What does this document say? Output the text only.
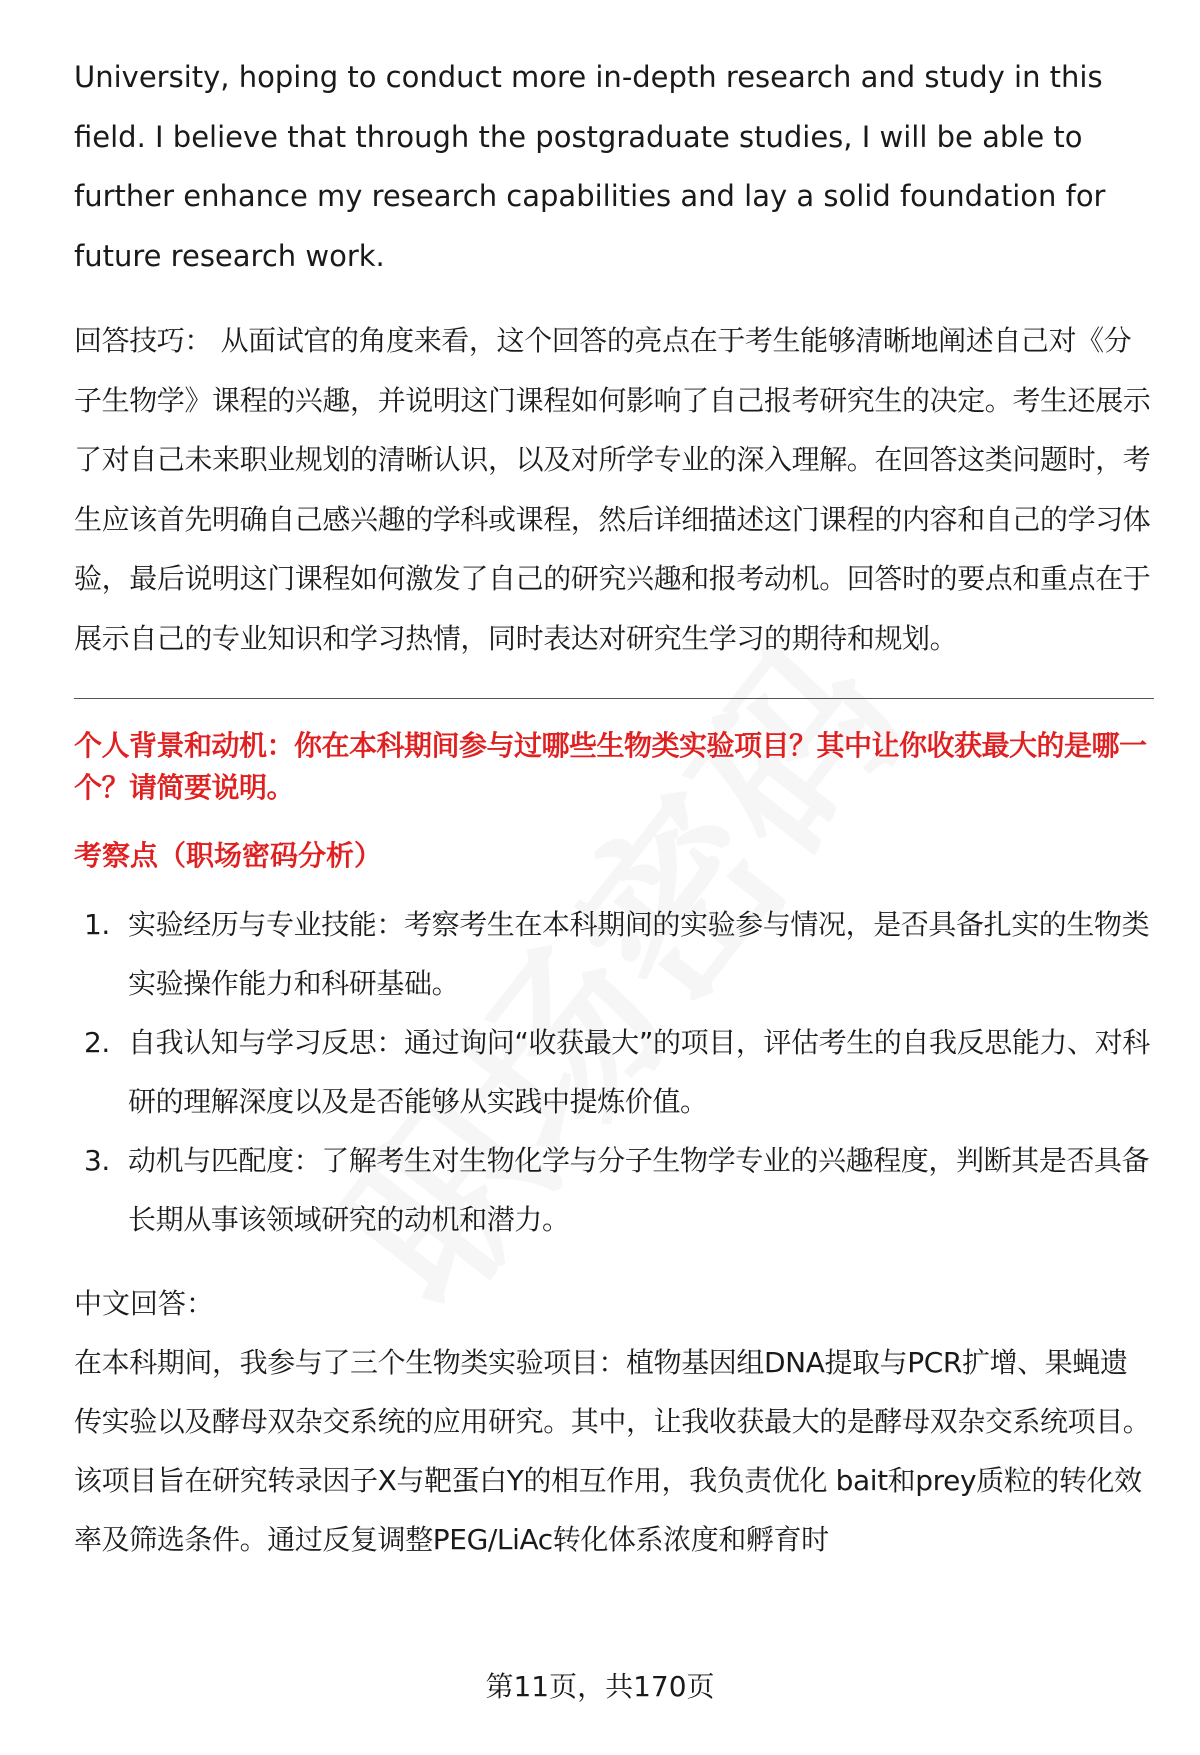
University, hoping to conduct more in-depth research and study in this field. I believe that through the postgraduate studies, I will be able to further enhance my research capabilities and lay a solid foundation for future research work.

回答技巧： 从面试官的角度来看，这个回答的亮点在于考生能够清晰地阐述自己对《分子生物学》课程的兴趣，并说明这门课程如何影响了自己报考研究生的决定。考生还展示了对自己未来职业规划的清晰认识，以及对所学专业的深入理解。在回答这类问题时，考生应该首先明确自己感兴趣的学科或课程，然后详细描述这门课程的内容和自己的学习体验，最后说明这门课程如何激发了自己的研究兴趣和报考动机。回答时的要点和重点在于展示自己的专业知识和学习热情，同时表达对研究生学习的期待和规划。

个人背景和动机：你在本科期间参与过哪些生物类实验项目？其中让你收获最大的是哪一个？请简要说明。

考察点（职场密码分析）

1. 实验经历与专业技能：考察考生在本科期间的实验参与情况，是否具备扎实的生物类实验操作能力和科研基础。
2. 自我认知与学习反思：通过询问“收获最大”的项目，评估考生的自我反思能力、对科研的理解深度以及是否能够从实践中提炼价值。
3. 动机与匹配度：了解考生对生物化学与分子生物学专业的兴趣程度，判断其是否具备长期从事该领域研究的动机和潜力。

中文回答：

在本科期间，我参与了三个生物类实验项目：植物基因组DNA提取与PCR扩增、果蝇遗传实验以及酵母双杂交系统的应用研究。其中，让我收获最大的是酵母双杂交系统项目。该项目旨在研究转录因子X与靶蛋白Y的相互作用，我负责优化 bait和prey质粒的转化效率及筛选条件。通过反复调整PEG/LiAc转化体系浓度和孵育时

第11页，共170页
